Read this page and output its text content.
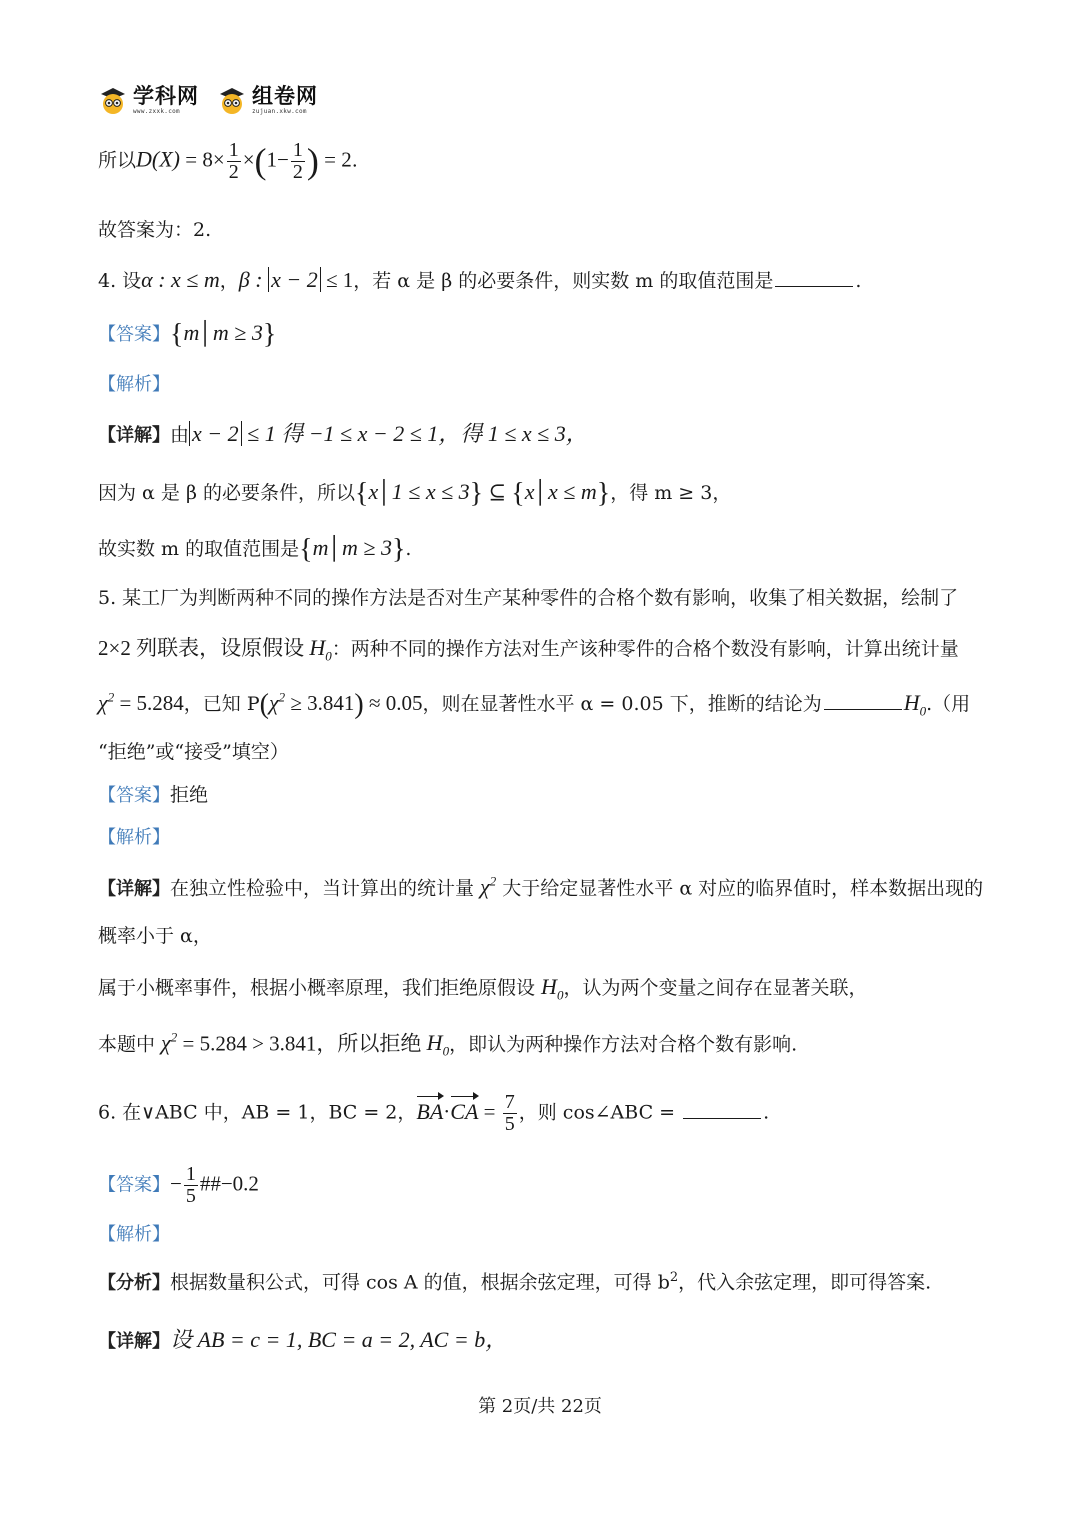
学科网
www.zxxk.com
组卷网
zujuan.xkw.com
所以$D(X) = 8\times \frac{1}{2} \times(1- \frac{1}{2}$ ) = 2.
故答案为：2.
4. 设α : x ≤ m，β : x − 2 ≤ 1，若 α 是 β 的必要条件，则实数 m 的取值范围是	.
【答案】{m│m ≥ 3}
【解析】
【详解】由 x − 2 ≤ 1 得 −1 ≤ x − 2 ≤ 1，得 1 ≤ x ≤ 3，
因为 α 是 β 的必要条件，所以{x│1 ≤ x ≤ 3} ⊆ {x│x ≤ m}，得 m ≥ 3，
故实数 m 的取值范围是{m│m ≥ 3}.
5. 某工厂为判断两种不同的操作方法是否对生产某种零件的合格个数有影响，收集了相关数据，绘制了
2×2 列联表，设原假设 $H_0$：两种不同的操作方法对生产该种零件的合格个数没有影响，计算出统计量
$\chi^2 = 5.284$，已知 $P(\chi^2 \ge 3.841) \approx 0.05$，则在显著性水平 α = 0.05 下，推断的结论为	$H_0$.（用
“拒绝”或“接受”填空）
【答案】拒绝
【解析】
【详解】在独立性检验中，当计算出的统计量 $\chi^2$ 大于给定显著性水平 α 对应的临界值时，样本数据出现的
概率小于 α，
属于小概率事件，根据小概率原理，我们拒绝原假设 $H_0$，认为两个变量之间存在显著关联，
本题中 $\chi^2 = 5.284 > 3.841$，所以拒绝 $H_0$，即认为两种操作方法对合格个数有影响.
6. 在∨ABC 中，AB = 1，BC = 2，$BA\cdot CA = \frac{7}{5}$ ，则 cos∠ABC =	.
【答案】− $\frac{1}{5}$ ##−0.2
【解析】
【分析】根据数量积公式，可得 cos A 的值，根据余弦定理，可得 $b^2$，代入余弦定理，即可得答案.
【详解】设 AB = c = 1, BC = a = 2, AC = b，
第 2页/共 22页
